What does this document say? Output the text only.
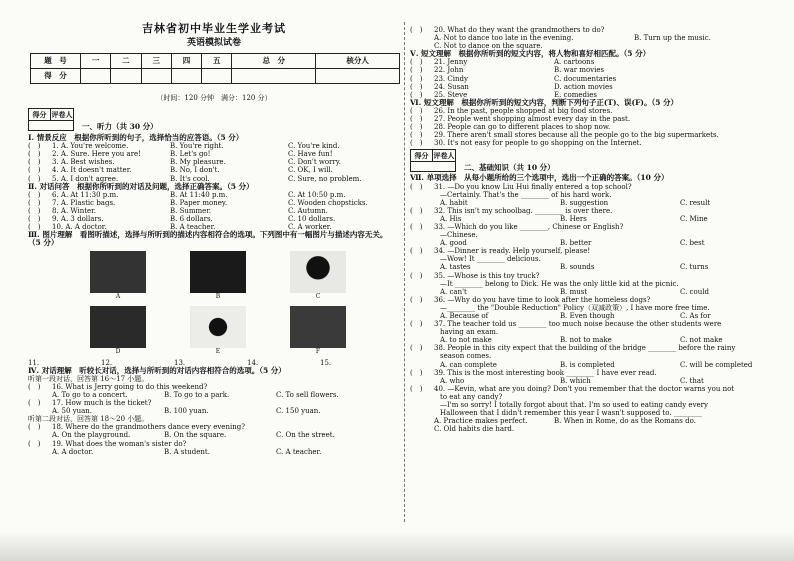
吉林省初中毕业生学业考试
英语模拟试卷
题　号	一	二	三	四	五	总　分	核分人
得　分							
（时间：120 分钟　满分：120 分）
得分 评卷人
一、听力（共 30 分）
Ⅰ. 情景反应　根据你所听到的句子，选择恰当的应答语。（5 分）
(　)	1. A. You're welcome.	B. You're right.	C. You're kind.
(　)	2. A. Sure. Here you are!	B. Let's go!	C. Have fun!
(　)	3. A. Best wishes.	B. My pleasure.	C. Don't worry.
(　)	4. A. It doesn't matter.	B. No, I don't.	C. OK, I will.
(　)	5. A. I don't agree.	B. It's cool.	C. Sure, no problem.
Ⅱ. 对话问答　根据你所听到的对话及问题，选择正确答案。（5 分）
(　)	6. A. At 11:30 p.m.	B. At 11:40 p.m.	C. At 10:50 p.m.
(　)	7. A. Plastic bags.	B. Paper money.	C. Wooden chopsticks.
(　)	8. A. Winter.	B. Summer.	C. Autumn.
(　)	9. A. 3 dollars.	B. 6 dollars.	C. 10 dollars.
(　)	10. A. A doctor.	B. A teacher.	C. A worker.
Ⅲ. 图片理解　看图听描述，选择与所听到的描述内容相符合的选项。下列图中有一幅图片与描述内容无关。（5 分）
A	B	C
D	E	F
11.	12.	13.	14.	15.
Ⅳ. 对话理解　听较长对话，选择与所听到的对话内容相符合的选项。（5 分）
听第一段对话，回答第 16～17 小题。
(　) 16. What is Jerry going to do this weekend?
A. To go to a concert.	B. To go to a park.	C. To sell flowers.
(　) 17. How much is the ticket?
A. 50 yuan.	B. 100 yuan.	C. 150 yuan.
听第二段对话，回答第 18～20 小题。
(　) 18. Where do the grandmothers dance every evening?
A. On the playground.	B. On the square.	C. On the street.
(　) 19. What does the woman's sister do?
A. A doctor.	B. A student.	C. A teacher.
(　) 20. What do they want the grandmothers to do?
A. Not to dance too late in the evening.	B. Turn up the music.
C. Not to dance on the square.
Ⅴ. 短文理解　根据你所听到的短文内容，将人物和喜好相匹配。（5 分）
(　)	21. Jenny	A. cartoons
(　)	22. John	B. war movies
(　)	23. Cindy	C. documentaries
(　)	24. Susan	D. action movies
(　)	25. Steve	E. comedies
Ⅵ. 短文理解　根据你所听到的短文内容，判断下列句子正(T)、误(F)。（5 分）
(　) 26. In the past, people shopped at big food stores.
(　) 27. People went shopping almost every day in the past.
(　) 28. People can go to different places to shop now.
(　) 29. There aren't small stores because all the people go to the big supermarkets.
(　) 30. It's not easy for people to go shopping on the Internet.
得分 评卷人
二、基础知识（共 10 分）
Ⅶ. 单项选择　从每小题所给的三个选项中，选出一个正确的答案。（10 分）
(　) 31. —Do you know Liu Hui finally entered a top school?
—Certainly. That's the ________ of his hard work.
A. habit	B. suggestion	C. result
(　) 32. This isn't my schoolbag. ________ is over there.
A. His	B. Hers	C. Mine
(　) 33. —Which do you like ________, Chinese or English?
—Chinese.
A. good	B. better	C. best
(　) 34. —Dinner is ready. Help yourself, please!
—Wow! It ________ delicious.
A. tastes	B. sounds	C. turns
(　) 35. —Whose is this toy truck?
—It ________ belong to Dick. He was the only little kid at the picnic.
A. can't	B. must	C. could
(　) 36. —Why do you have time to look after the homeless dogs?
—________ the "Double Reduction" Policy（双减政策）, I have more free time.
A. Because of	B. Even though	C. As for
(　) 37. The teacher told us ________ too much noise because the other students were
having an exam.
A. to not make	B. not to make	C. not make
(　) 38. People in this city expect that the building of the bridge ________ before the rainy
season comes.
A. can complete	B. is completed	C. will be completed
(　) 39. This is the most interesting book ________ I have ever read.
A. who	B. which	C. that
(　) 40. —Kevin, what are you doing? Don't you remember that the doctor warns you not
to eat any candy?
—I'm so sorry! I totally forgot about that. I'm so used to eating candy every
Halloween that I didn't remember this year I wasn't supposed to. ________
A. Practice makes perfect.	B. When in Rome, do as the Romans do.
C. Old habits die hard.
